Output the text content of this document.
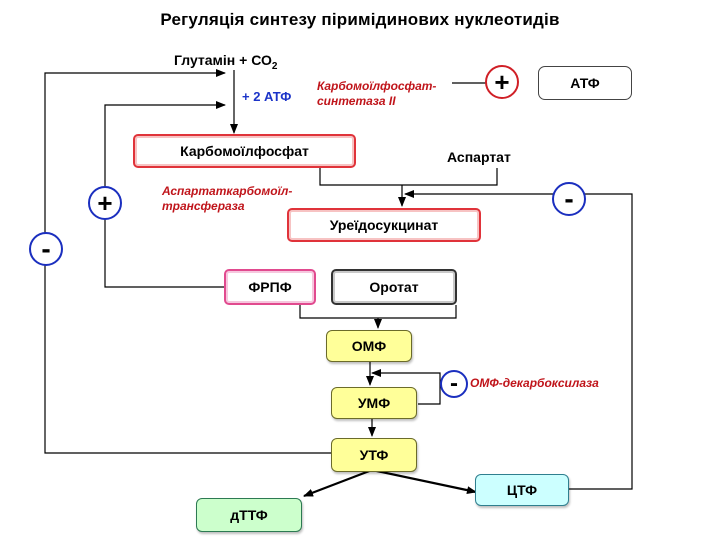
Регуляція синтезу піримідинових нуклеотидів
Глутамін + $СО_2$
+ 2 АТФ
Карбомоїлфосфат-
синтетаза ІІ
+	АТФ
Карбомоїлфосфат	Аспартат
+	Аспартаткарбомоїл-
трансфераза	-
Уреїдосукцинат
-
ФРПФ	Оротат
ОМФ
-	ОМФ-декарбоксилаза
УМФ
УТФ
ЦТФ
дТТФ
